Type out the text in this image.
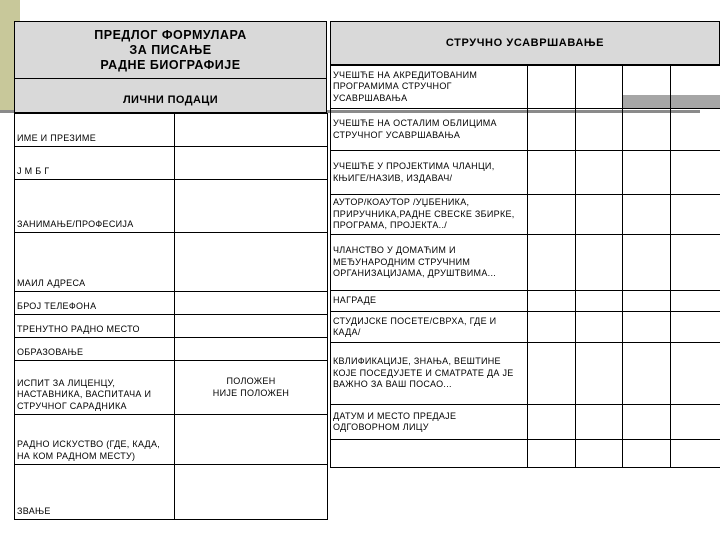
ПРЕДЛОГ ФОРМУЛАРА
ЗА ПИСАЊЕ
РАДНЕ БИОГРАФИЈЕ
ЛИЧНИ ПОДАЦИ
ИМЕ И ПРЕЗИМЕ	
Ј М Б Г	
ЗАНИМАЊЕ/ПРОФЕСИЈА	
МАИЛ АДРЕСА	
БРОЈ ТЕЛЕФОНА	
ТРЕНУТНО РАДНО МЕСТО	
ОБРАЗОВАЊЕ	
ИСПИТ ЗА ЛИЦЕНЦУ, НАСТАВНИКА, ВАСПИТАЧА И СТРУЧНОГ САРАДНИКА	ПОЛОЖЕН
НИЈЕ ПОЛОЖЕН
РАДНО ИСКУСТВО (ГДЕ, КАДА, НА КОМ РАДНОМ МЕСТУ)	
ЗВАЊЕ	
СТРУЧНО УСАВРШАВАЊЕ
УЧЕШЋЕ НА АКРЕДИТОВАНИМ ПРОГРАМИМА СТРУЧНОГ УСАВРШАВАЊА			

УЧЕШЋЕ НА ОСТАЛИМ ОБЛИЦИМА СТРУЧНОГ УСАВРШАВАЊА				
УЧЕШЋЕ У ПРОЈЕКТИМА ЧЛАНЦИ, КЊИГЕ/НАЗИВ, ИЗДАВАЧ/				
АУТОР/КОАУТОР /УЏБЕНИКА, ПРИРУЧНИКА,РАДНЕ СВЕСКЕ ЗБИРКЕ, ПРОГРАМА, ПРОЈЕКТА../				
ЧЛАНСТВО У ДОМАЋИМ И МЕЂУНАРОДНИМ СТРУЧНИМ ОРГАНИЗАЦИЈАМА, ДРУШТВИМА...				
НАГРАДЕ				
СТУДИЈСКЕ ПОСЕТЕ/СВРХА, ГДЕ И КАДА/				
КВЛИФИКАЦИЈЕ, ЗНАЊА, ВЕШТИНЕ КОЈЕ ПОСЕДУЈЕТЕ И СМАТРАТЕ ДА ЈЕ ВАЖНО ЗА ВАШ ПОСАО...				
ДАТУМ И МЕСТО ПРЕДАЈЕ ОДГОВОРНОМ ЛИЦУ				
